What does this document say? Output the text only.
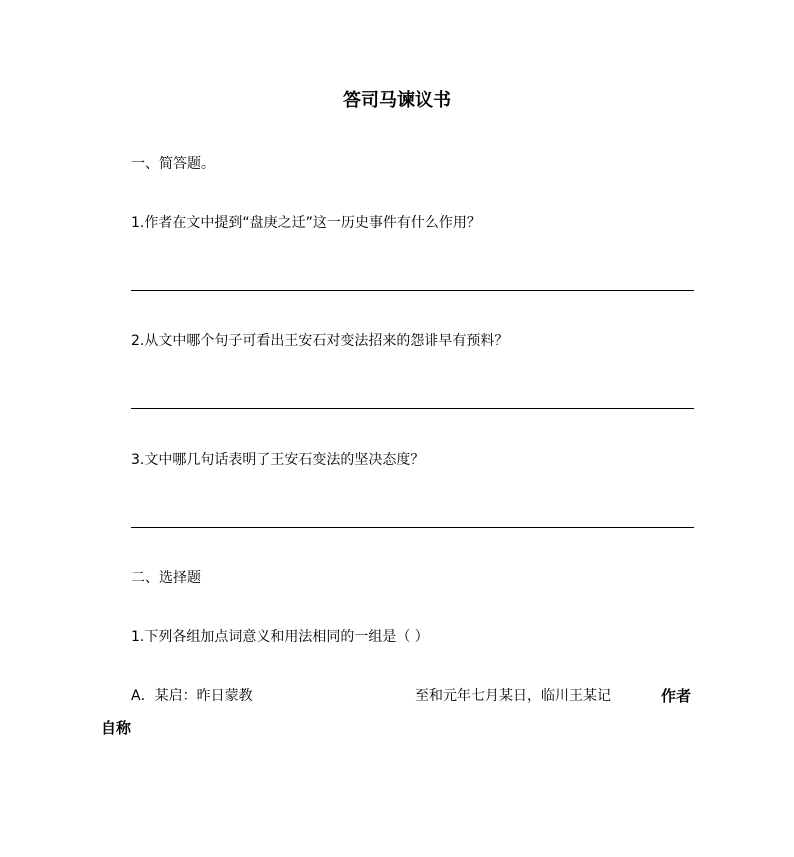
答司马谏议书
一、简答题。
1.作者在文中提到“盘庚之迁”这一历史事件有什么作用？
2.从文中哪个句子可看出王安石对变法招来的怨诽早有预料？
3.文中哪几句话表明了王安石变法的坚决态度？
二、选择题
1.下列各组加点词意义和用法相同的一组是（ ）
A．某启：昨日蒙教	至和元年七月某日，临川王某记	作者
自称
